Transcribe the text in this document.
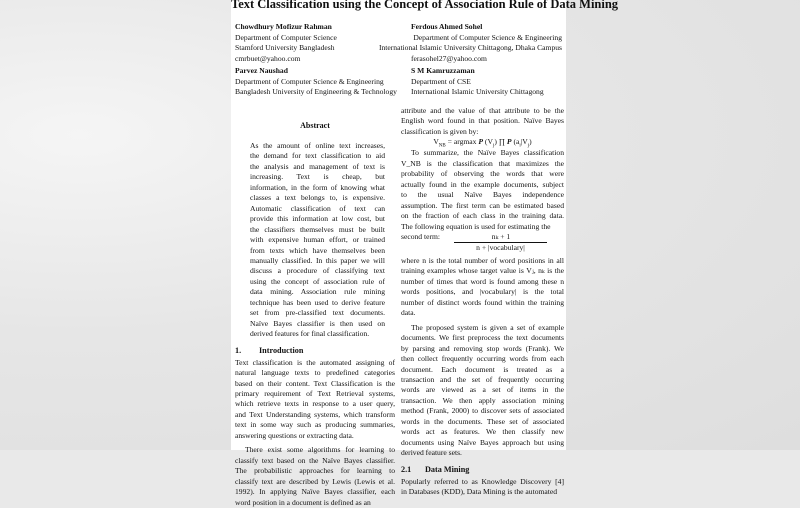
Text Classification using the Concept of Association Rule of Data Mining
Chowdhury Mofizur Rahman
Department of Computer Science
Stamford University Bangladesh
cmrbuet@yahoo.com
Ferdous Ahmed Sohel
Department of Computer Science & Engineering
International Islamic University Chittagong, Dhaka Campus
ferasohel27@yahoo.com
Parvez Naushad
Department of Computer Science & Engineering
Bangladesh University of Engineering & Technology
S M Kamruzzaman
Department of CSE
International Islamic University Chittagong
Abstract

As the amount of online text increases,

the demand for text classification to aid

the analysis and management of text is

increasing. Text is cheap, but

information, in the form of knowing what

classes a text belongs to, is expensive.

Automatic classification of text can

provide this information at low cost, but

the classifiers themselves must be built

with expensive human effort, or trained

from texts which have themselves been

manually classified. In this paper we will

discuss a procedure of classifying text

using the concept of association rule of

data mining. Association rule mining

technique has been used to derive feature

set from pre-classified text documents.

Naïve Bayes classifier is then used on

derived features for final classification.

1. Introduction

Text classification is the automated assigning of

natural language texts to predefined categories

based on their content. Text Classification is the

primary requirement of Text Retrieval systems,

which retrieve texts in response to a user query,

and Text Understanding systems, which transform

text in some way such as producing summaries,

answering questions or extracting data.

There exist some algorithms for learning to

classify text based on the Naïve Bayes classifier.

The probabilistic approaches for learning to

classify text are described by Lewis (Lewis et al.

1992). In applying Naïve Bayes classifier, each

word position in a document is defined as an

attribute and the value of that attribute to be the

English word found in that position. Naïve Bayes

classification is given by:

$V_{NB} = argmax$ P $(V_j)$ ∏ P $(a_i|V_j)$

To summarize, the Naïve Bayes classification

V_NB is the classification that maximizes the

probability of observing the words that were

actually found in the example documents, subject

to the usual Naïve Bayes independence

assumption. The first term can be estimated based

on the fraction of each class in the training data.

The following equation is used for estimating the

second term:	nₖ + 1
n + |vocabulary|

where n is the total number of word positions in all

training examples whose target value is Vⱼ, nₖ is the

number of times that word is found among these n

words positions, and |vocabulary| is the total

number of distinct words found within the training

data.

The proposed system is given a set of example

documents. We first preprocess the text documents

by parsing and removing stop words (Frank). We

then collect frequently occurring words from each

document. Each document is treated as a

transaction and the set of frequently occurring

words are viewed as a set of items in the

transaction. We then apply association mining

method (Frank, 2000) to discover sets of associated

words in the documents. These set of associated

words act as features. We then classify new

documents using Naïve Bayes approach but using

derived feature sets.

2.1 Data Mining

Popularly referred to as Knowledge Discovery [4]

in Databases (KDD), Data Mining is the automated
